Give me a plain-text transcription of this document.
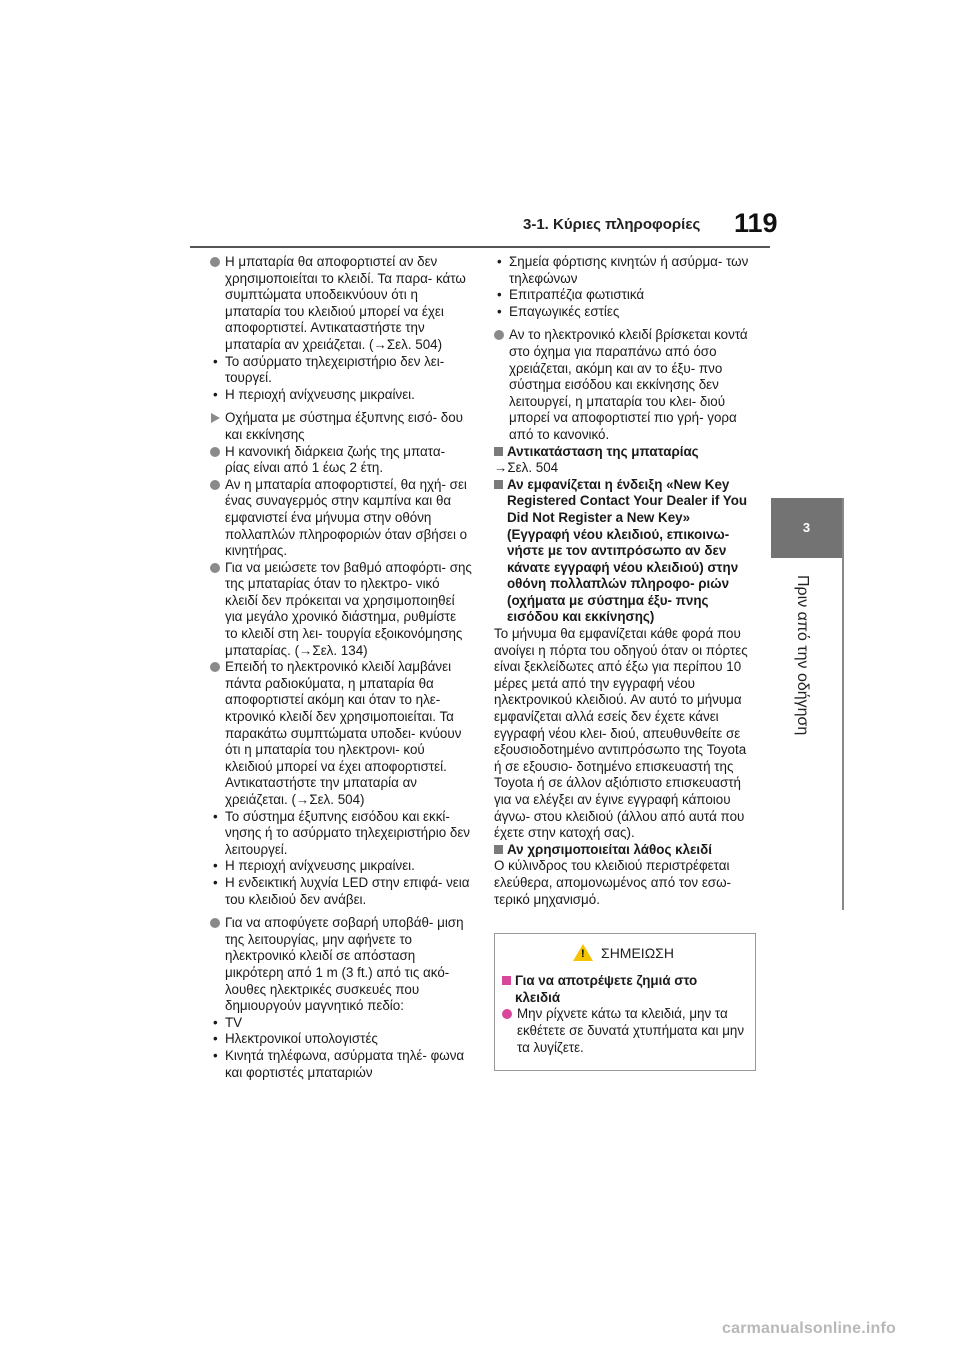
3-1. Κύριες πληροφορίες 119
3
Πριν από την οδήγηση

Η μπαταρία θα αποφορτιστεί αν δεν χρησιμοποιείται το κλειδί. Τα παρα- κάτω συμπτώματα υποδεικνύουν ότι η μπαταρία του κλειδιού μπορεί να έχει αποφορτιστεί. Αντικαταστήστε την μπαταρία αν χρειάζεται. (→Σελ. 504)

• Το ασύρματο τηλεχειριστήριο δεν λει- τουργεί.

• Η περιοχή ανίχνευσης μικραίνει.

Οχήματα με σύστημα έξυπνης εισό- δου και εκκίνησης

Η κανονική διάρκεια ζωής της μπατα- ρίας είναι από 1 έως 2 έτη.

Αν η μπαταρία αποφορτιστεί, θα ηχή- σει ένας συναγερμός στην καμπίνα και θα εμφανιστεί ένα μήνυμα στην οθόνη πολλαπλών πληροφοριών όταν σβήσει ο κινητήρας.

Για να μειώσετε τον βαθμό αποφόρτι- σης της μπαταρίας όταν το ηλεκτρο- νικό κλειδί δεν πρόκειται να χρησιμοποιηθεί για μεγάλο χρονικό διάστημα, ρυθμίστε το κλειδί στη λει- τουργία εξοικονόμησης μπαταρίας. (→Σελ. 134)

Επειδή το ηλεκτρονικό κλειδί λαμβάνει πάντα ραδιοκύματα, η μπαταρία θα αποφορτιστεί ακόμη και όταν το ηλε- κτρονικό κλειδί δεν χρησιμοποιείται. Τα παρακάτω συμπτώματα υποδει- κνύουν ότι η μπαταρία του ηλεκτρονι- κού κλειδιού μπορεί να έχει αποφορτιστεί. Αντικαταστήστε την μπαταρία αν χρειάζεται. (→Σελ. 504)

• Το σύστημα έξυπνης εισόδου και εκκί- νησης ή το ασύρματο τηλεχειριστήριο δεν λειτουργεί.

• Η περιοχή ανίχνευσης μικραίνει.

• Η ενδεικτική λυχνία LED στην επιφά- νεια του κλειδιού δεν ανάβει.

Για να αποφύγετε σοβαρή υποβάθ- μιση της λειτουργίας, μην αφήνετε το ηλεκτρονικό κλειδί σε απόσταση μικρότερη από 1 m (3 ft.) από τις ακό- λουθες ηλεκτρικές συσκευές που δημιουργούν μαγνητικό πεδίο:

• TV

• Ηλεκτρονικοί υπολογιστές

• Κινητά τηλέφωνα, ασύρματα τηλέ- φωνα και φορτιστές μπαταριών

• Σημεία φόρτισης κινητών ή ασύρμα- των τηλεφώνων

• Επιτραπέζια φωτιστικά

• Επαγωγικές εστίες

Αν το ηλεκτρονικό κλειδί βρίσκεται κοντά στο όχημα για παραπάνω από όσο χρειάζεται, ακόμη και αν το έξυ- πνο σύστημα εισόδου και εκκίνησης δεν λειτουργεί, η μπαταρία του κλει- διού μπορεί να αποφορτιστεί πιο γρή- γορα από το κανονικό.

Αντικατάσταση της μπαταρίας

→Σελ. 504

Αν εμφανίζεται η ένδειξη «New Key Registered Contact Your Dealer if You Did Not Register a New Key» (Εγγραφή νέου κλειδιού, επικοινω- νήστε με τον αντιπρόσωπο αν δεν κάνατε εγγραφή νέου κλειδιού) στην οθόνη πολλαπλών πληροφο- ριών (οχήματα με σύστημα έξυ- πνης εισόδου και εκκίνησης)

Το μήνυμα θα εμφανίζεται κάθε φορά που ανοίγει η πόρτα του οδηγού όταν οι πόρτες είναι ξεκλείδωτες από έξω για περίπου 10 μέρες μετά από την εγγραφή νέου ηλεκτρονικού κλειδιού. Αν αυτό το μήνυμα εμφανίζεται αλλά εσείς δεν έχετε κάνει εγγραφή νέου κλει- διού, απευθυνθείτε σε εξουσιοδοτημένο αντιπρόσωπο της Toyota ή σε εξουσιο- δοτημένο επισκευαστή της Toyota ή σε άλλον αξιόπιστο επισκευαστή για να ελέγξει αν έγινε εγγραφή κάποιου άγνω- στου κλειδιού (άλλου από αυτά που έχετε στην κατοχή σας).

Αν χρησιμοποιείται λάθος κλειδί

Ο κύλινδρος του κλειδιού περιστρέφεται ελεύθερα, απομονωμένος από τον εσω- τερικό μηχανισμό.

! ΣΗΜΕΙΩΣΗ

Για να αποτρέψετε ζημιά στο κλειδιά

Μην ρίχνετε κάτω τα κλειδιά, μην τα εκθέτετε σε δυνατά χτυπήματα και μην τα λυγίζετε.

carmanualsonline.info
